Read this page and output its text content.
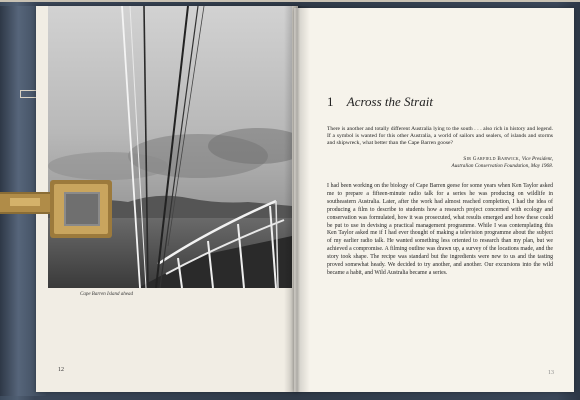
Cape Barren Island ahead
12
1 Across the Strait
There is another and totally different Australia lying to the south . . . also rich in history and legend. If a symbol is wanted for this other Australia, a world of sailors and sealers, of islands and storms and shipwreck, what better than the Cape Barren goose?
Sir Garfield Barwick, Vice President,
Australian Conservation Foundation, May 1968.
I had been working on the biology of Cape Barren geese for some years when Ken Taylor asked me to prepare a fifteen-minute radio talk for a series he was producing on wildlife in southeastern Australia. Later, after the work had almost reached completion, I had the idea of producing a film to describe to students how a research project concerned with ecology and conservation was formulated, how it was prosecuted, what results emerged and how these could be put to use in devising a practical management programme. While I was contemplating this Ken Taylor asked me if I had ever thought of making a television programme about the subject of my earlier radio talk. He wanted something less oriented to research than my plan, but we achieved a compromise. A filming outline was drawn up, a survey of the locations made, and the story took shape. The recipe was standard but the ingredients were new to us and the tasting proved somewhat heady. We decided to try another, and another. Our excursions into the wild became a habit, and Wild Australia became a series.
13
